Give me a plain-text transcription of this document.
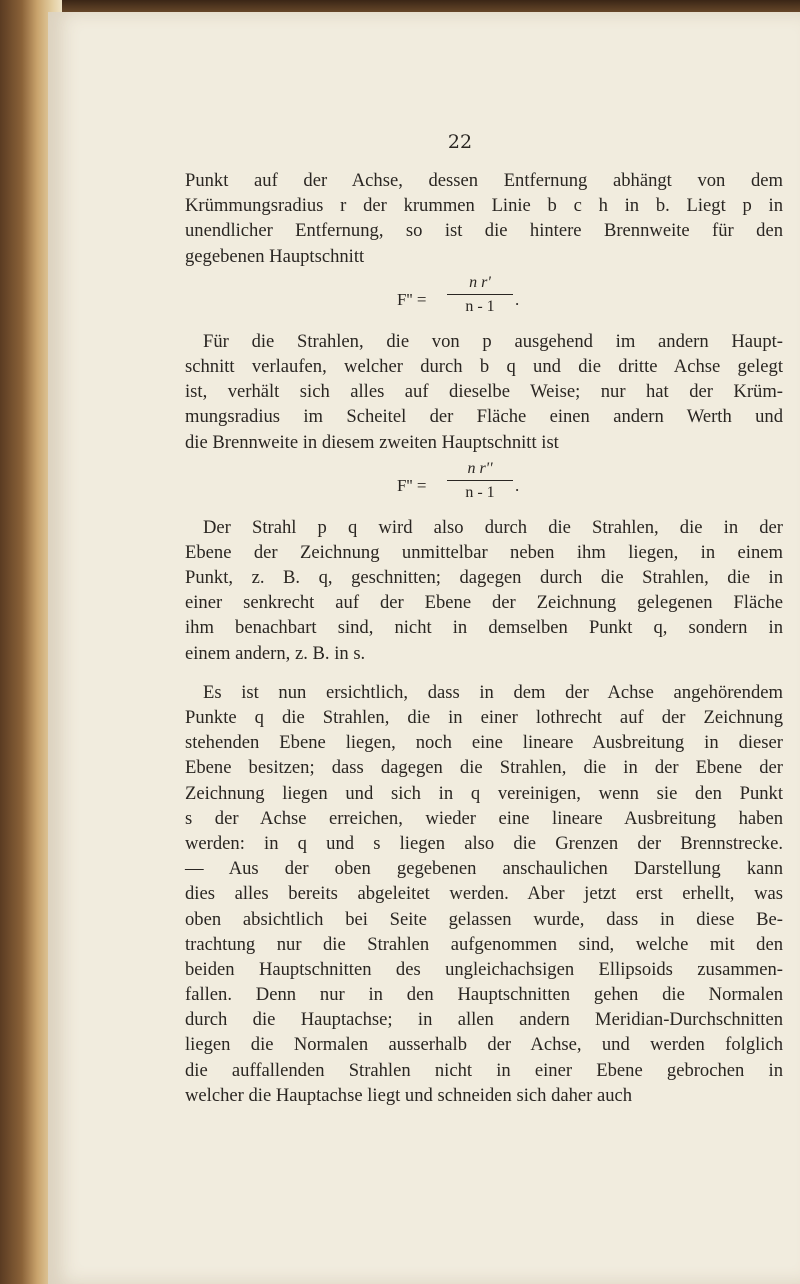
22
Punkt auf der Achse, dessen Entfernung abhängt von dem
Krümmungsradius r der krummen Linie b c h in b. Liegt p in
unendlicher Entfernung, so ist die hintere Brennweite für den
gegebenen Hauptschnitt
F'' =
n r'
n - 1	.
Für die Strahlen, die von p ausgehend im andern Haupt-
schnitt verlaufen, welcher durch b q und die dritte Achse gelegt
ist, verhält sich alles auf dieselbe Weise; nur hat der Krüm-
mungsradius im Scheitel der Fläche einen andern Werth und
die Brennweite in diesem zweiten Hauptschnitt ist
F'' =
n r''
n - 1	.
Der Strahl p q wird also durch die Strahlen, die in der
Ebene der Zeichnung unmittelbar neben ihm liegen, in einem
Punkt, z. B. q, geschnitten; dagegen durch die Strahlen, die in
einer senkrecht auf der Ebene der Zeichnung gelegenen Fläche
ihm benachbart sind, nicht in demselben Punkt q, sondern in
einem andern, z. B. in s.
Es ist nun ersichtlich, dass in dem der Achse angehörendem
Punkte q die Strahlen, die in einer lothrecht auf der Zeichnung
stehenden Ebene liegen, noch eine lineare Ausbreitung in dieser
Ebene besitzen; dass dagegen die Strahlen, die in der Ebene der
Zeichnung liegen und sich in q vereinigen, wenn sie den Punkt
s der Achse erreichen, wieder eine lineare Ausbreitung haben
werden: in q und s liegen also die Grenzen der Brennstrecke.
— Aus der oben gegebenen anschaulichen Darstellung kann
dies alles bereits abgeleitet werden. Aber jetzt erst erhellt, was
oben absichtlich bei Seite gelassen wurde, dass in diese Be-
trachtung nur die Strahlen aufgenommen sind, welche mit den
beiden Hauptschnitten des ungleichachsigen Ellipsoids zusammen-
fallen. Denn nur in den Hauptschnitten gehen die Normalen
durch die Hauptachse; in allen andern Meridian-Durchschnitten
liegen die Normalen ausserhalb der Achse, und werden folglich
die auffallenden Strahlen nicht in einer Ebene gebrochen in
welcher die Hauptachse liegt und schneiden sich daher auch
